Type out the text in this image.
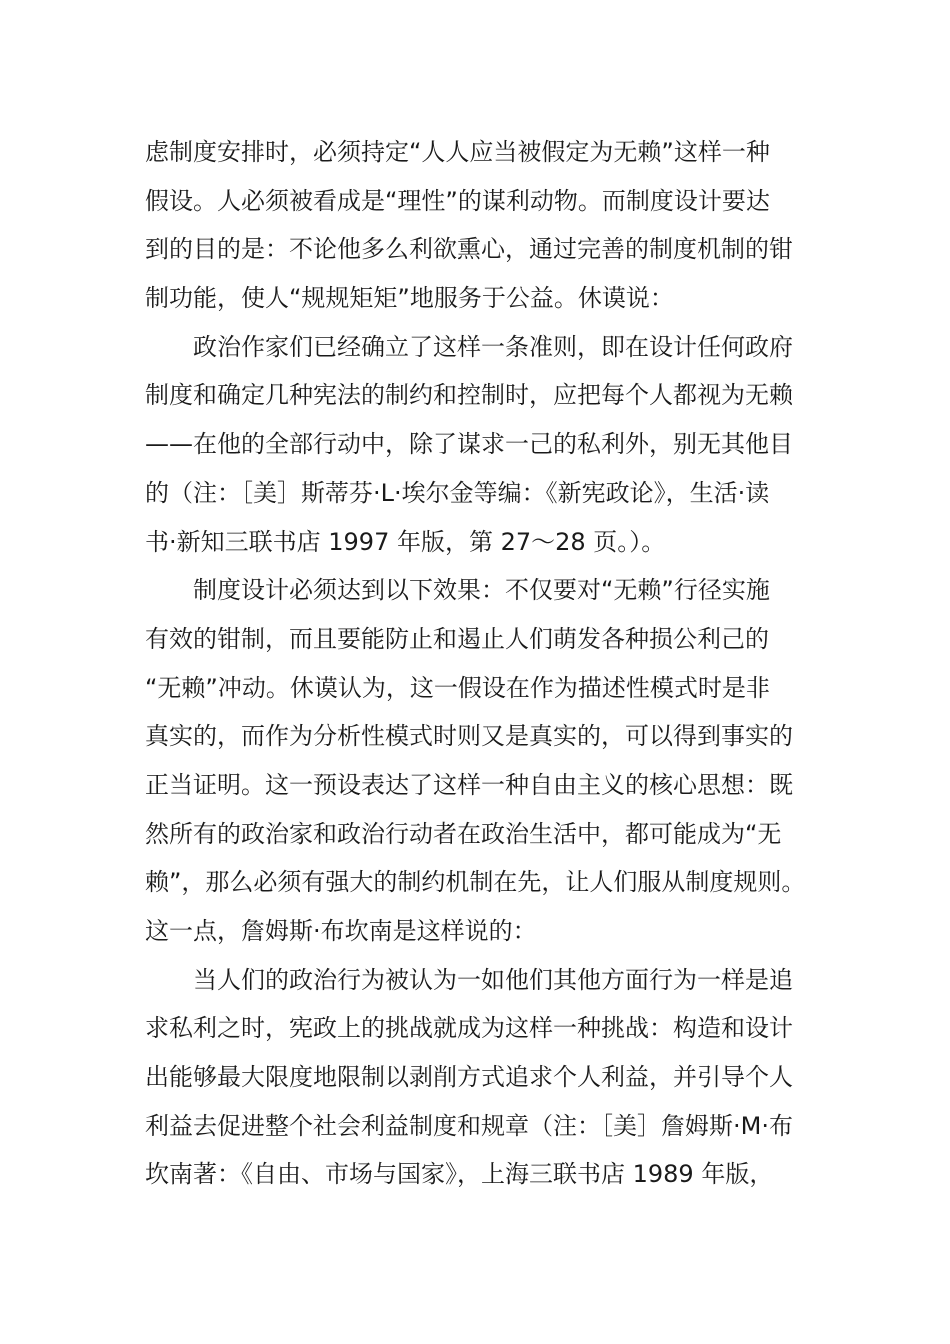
虑制度安排时，必须持定“人人应当被假定为无赖”这样一种
假设。人必须被看成是“理性”的谋利动物。而制度设计要达
到的目的是：不论他多么利欲熏心，通过完善的制度机制的钳
制功能，使人“规规矩矩”地服务于公益。休谟说：
政治作家们已经确立了这样一条准则，即在设计任何政府
制度和确定几种宪法的制约和控制时，应把每个人都视为无赖
——在他的全部行动中，除了谋求一己的私利外，别无其他目
的（注：［美］斯蒂芬·L·埃尔金等编：《新宪政论》，生活·读
书·新知三联书店 1997 年版，第 27～28 页。）。
制度设计必须达到以下效果：不仅要对“无赖”行径实施
有效的钳制，而且要能防止和遏止人们萌发各种损公利己的
“无赖”冲动。休谟认为，这一假设在作为描述性模式时是非
真实的，而作为分析性模式时则又是真实的，可以得到事实的
正当证明。这一预设表达了这样一种自由主义的核心思想：既
然所有的政治家和政治行动者在政治生活中，都可能成为“无
赖”，那么必须有强大的制约机制在先，让人们服从制度规则。
这一点，詹姆斯·布坎南是这样说的：
当人们的政治行为被认为一如他们其他方面行为一样是追
求私利之时，宪政上的挑战就成为这样一种挑战：构造和设计
出能够最大限度地限制以剥削方式追求个人利益，并引导个人
利益去促进整个社会利益制度和规章（注：［美］詹姆斯·M·布
坎南著：《自由、市场与国家》，上海三联书店 1989 年版，
